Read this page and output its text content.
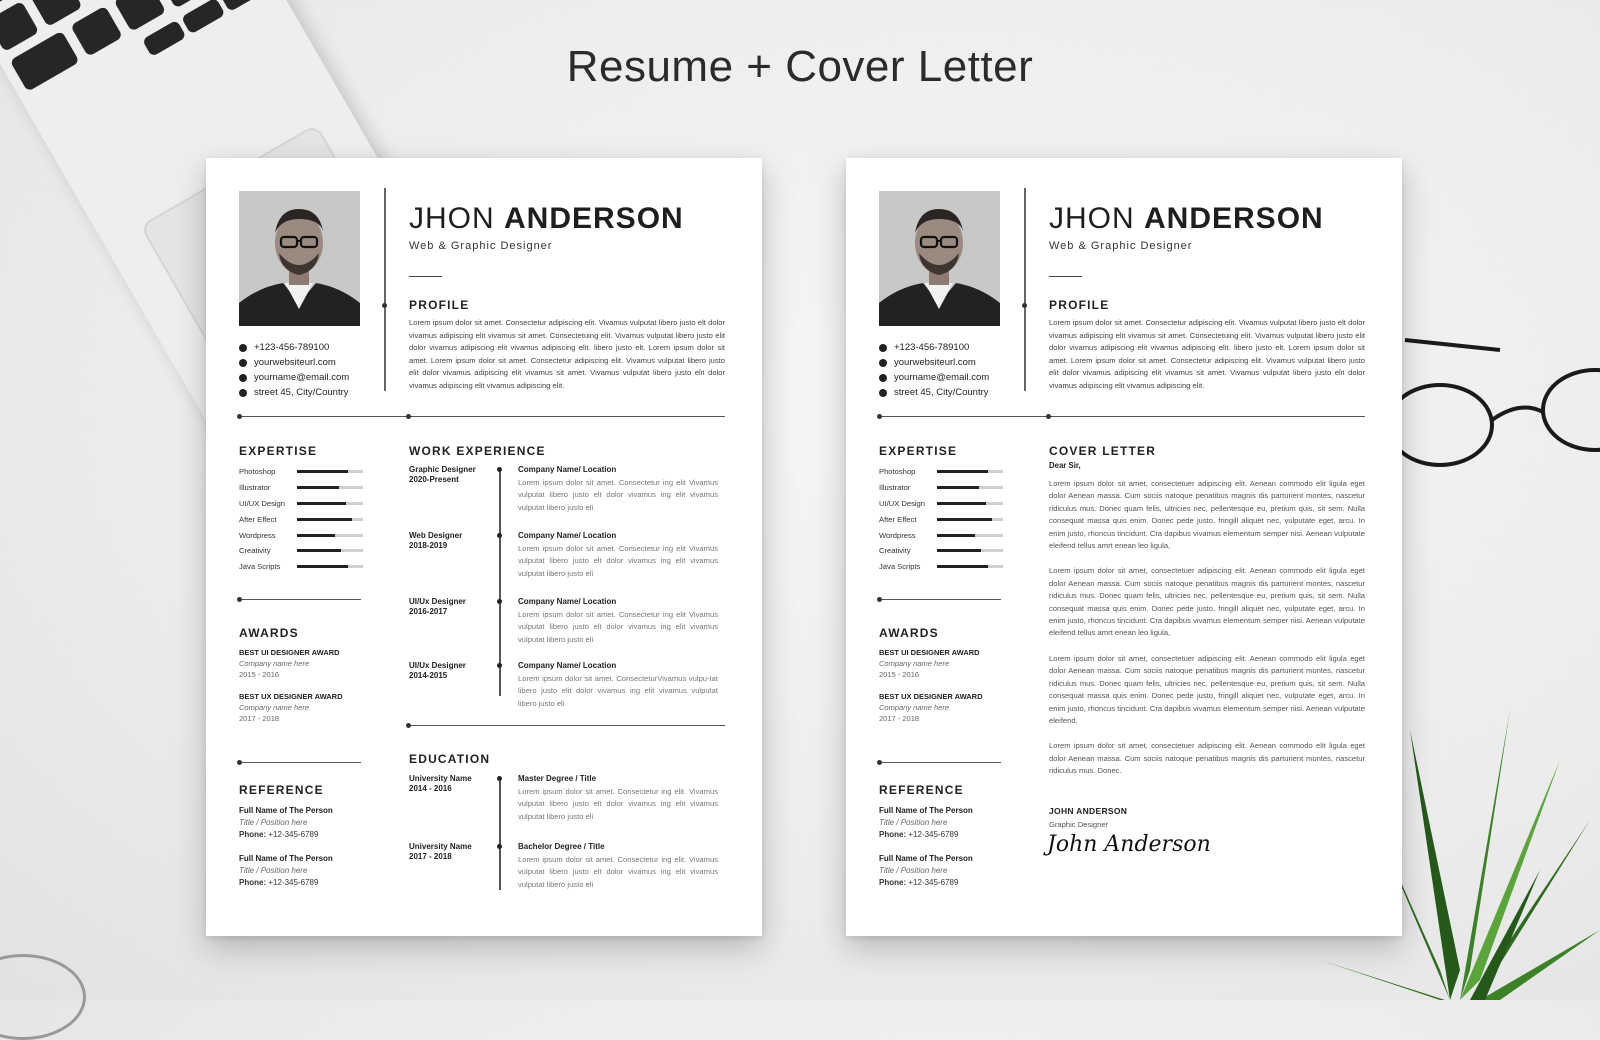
Resume + Cover Letter
JHON ANDERSON
Web & Graphic Designer
PROFILE
Lorem ipsum dolor sit amet. Consectetur adipiscing elit. Vivamus vulputat libero justo elt dolor vivamus adipiscing elit vivamus sit amet. Consectetuing elit. Vivamus vulputat libero justo elit dolor vivamus adipiscing elit vivamus adipiscing elit. libero justo elt. Lorem ipsum dolor sit amet. Lorem ipsum dolor sit amet. Consectetur adipiscing elit. Vivamus vulputat libero justo elit dolor vivamus adipiscing elit vivamus sit amet. Vivamus vulputat libero justo elit dolor vivamus adipiscing elit vivamus adipiscing elit.
+123-456-789100
yourwebsiteurl.com
yourname@email.com
street 45, City/Country
EXPERTISE
Photoshop
Illustrator
UI/UX Design
After Effect
Wordpress
Creativity
Java Scripts
AWARDS
BEST UI DESIGNER AWARD
Company name here
2015 - 2016
BEST UX DESIGNER AWARD
Company name here
2017 - 2018
REFERENCE
Full Name of The Person
Title / Position here
Phone: +12-345-6789
Full Name of The Person
Title / Position here
Phone: +12-345-6789
WORK EXPERIENCE
Graphic Designer
2020-Present
Company Name/ Location
Lorem ipsum dolor sit amet. Consectetur ing elit Vivamus vulputat libero justo elt dolor vivamus ing elit vivamus vulputat libero justo eli
Web Designer
2018-2019
Company Name/ Location
Lorem ipsum dolor sit amet. Consectetur ing elit Vivamus vulputat libero justo elt dolor vivamus ing elit vivamus vulputat libero justo eli
UI/Ux Designer
2016-2017
Company Name/ Location
Lorem ipsum dolor sit amet. Consectetur ing elit Vivamus vulputat libero justo elt dolor vivamus ing elit vivamus vulputat libero justo eli
UI/Ux Designer
2014-2015
Company Name/ Location
Lorem ipsum dolor sit amet. ConsecteturVivamus vulpu-tat libero justo elit dolor vivamus ing elit vivamus vulputat libero justo eli
EDUCATION
University Name
2014 - 2016
Master Degree / Title
Lorem ipsum dolor sit amet. Consectetur ing elit. Vivamus vulputat libero justo elt dolor vivamus ing elit vivamus vulputat libero justo eli
University Name
2017 - 2018
Bachelor Degree / Title
Lorem ipsum dolor sit amet. Consectetur ing elit. Vivamus vulputat libero justo elt dolor vivamus ing elit vivamus vulputat libero justo eli
JHON ANDERSON
Web & Graphic Designer
PROFILE
Lorem ipsum dolor sit amet. Consectetur adipiscing elit. Vivamus vulputat libero justo elt dolor vivamus adipiscing elit vivamus sit amet. Consectetuing elit. Vivamus vulputat libero justo elit dolor vivamus adipiscing elit vivamus adipiscing elit. libero justo elt. Lorem ipsum dolor sit amet. Lorem ipsum dolor sit amet. Consectetur adipiscing elit. Vivamus vulputat libero justo elit dolor vivamus adipiscing elit vivamus sit amet. Vivamus vulputat libero justo elit dolor vivamus adipiscing elit vivamus adipiscing elit.
+123-456-789100
yourwebsiteurl.com
yourname@email.com
street 45, City/Country
EXPERTISE
Photoshop
Illustrator
UI/UX Design
After Effect
Wordpress
Creativity
Java Scripts
AWARDS
BEST UI DESIGNER AWARD
Company name here
2015 - 2016
BEST UX DESIGNER AWARD
Company name here
2017 - 2018
REFERENCE
Full Name of The Person
Title / Position here
Phone: +12-345-6789
Full Name of The Person
Title / Position here
Phone: +12-345-6789
COVER LETTER
Dear Sir,
Lorem ipsum dolor sit amet, consectetuer adipiscing elit. Aenean commodo elit ligula eget dolor Aenean massa. Cum sociis natoque penatibus magnis dis parturient montes, nascetur ridiculus mus. Donec quam felis, ultricies nec, pellentesque eu, pretium quis, sit sem. Nulla consequat massa quis enim. Donec pede justo, fringill aliquet nec, vulputate eget, arcu. In enim justo, rhoncus tincidunt. Cra dapibus vivamus elementum semper nisi. Aenean vulputate eleifend tellus amrt enean leo ligula,
Lorem ipsum dolor sit amet, consectetuer adipiscing elit. Aenean commodo elit ligula eget dolor Aenean massa. Cum sociis natoque penatibus magnis dis parturient montes, nascetur ridiculus mus. Donec quam felis, ultricies nec, pellentesque eu, pretium quis, sit sem. Nulla consequat massa quis enim. Donec pede justo, fringill aliquet nec, vulputate eget, arcu. In enim justo, rhoncus tincidunt. Cra dapibus vivamus elementum semper nisi. Aenean vulputate eleifend tellus amrt enean leo ligula,
Lorem ipsum dolor sit amet, consectetuer adipiscing elit. Aenean commodo elit ligula eget dolor Aenean massa. Cum sociis natoque penatibus magnis dis parturient montes, nascetur ridiculus mus. Donec quam felis, ultricies nec, pellentesque eu, pretium quis, sit sem. Nulla consequat massa quis enim. Donec pede justo, fringill aliquet nec, vulputate eget, arcu. In enim justo, rhoncus tincidunt. Cra dapibus vivamus elementum semper nisi. Aenean vulputate eleifend.
Lorem ipsum dolor sit amet, consectetuer adipiscing elit. Aenean commodo elit ligula eget dolor Aenean massa. Cum sociis natoque penatibus magnis dis parturient montes, nascetur ridiculus mus. Donec.
JOHN ANDERSON
Graphic Designer
John Anderson
